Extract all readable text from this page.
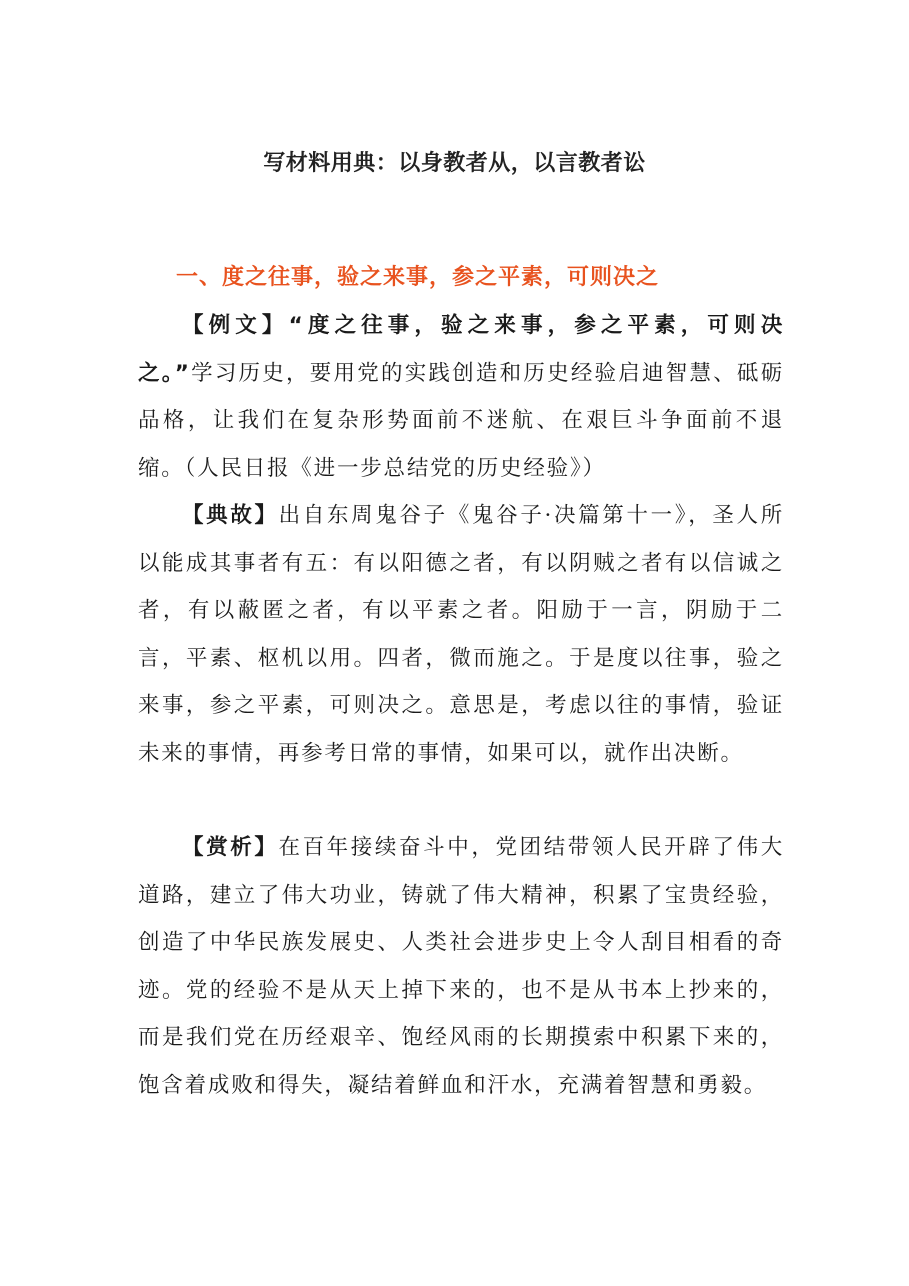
写材料用典：以身教者从，以言教者讼
一、度之往事，验之来事，参之平素，可则决之

【例文】“度之往事，验之来事，参之平素，可则决之。”学习历史，要用党的实践创造和历史经验启迪智慧、砥砺品格，让我们在复杂形势面前不迷航、在艰巨斗争面前不退缩。（人民日报《进一步总结党的历史经验》）

【典故】出自东周鬼谷子《鬼谷子·决篇第十一》，圣人所以能成其事者有五：有以阳德之者，有以阴贼之者有以信诚之者，有以蔽匿之者，有以平素之者。阳励于一言，阴励于二言，平素、枢机以用。四者，微而施之。于是度以往事，验之来事，参之平素，可则决之。意思是，考虑以往的事情，验证未来的事情，再参考日常的事情，如果可以，就作出决断。

【赏析】在百年接续奋斗中，党团结带领人民开辟了伟大道路，建立了伟大功业，铸就了伟大精神，积累了宝贵经验，创造了中华民族发展史、人类社会进步史上令人刮目相看的奇迹。党的经验不是从天上掉下来的，也不是从书本上抄来的，而是我们党在历经艰辛、饱经风雨的长期摸索中积累下来的，饱含着成败和得失，凝结着鲜血和汗水，充满着智慧和勇毅。
